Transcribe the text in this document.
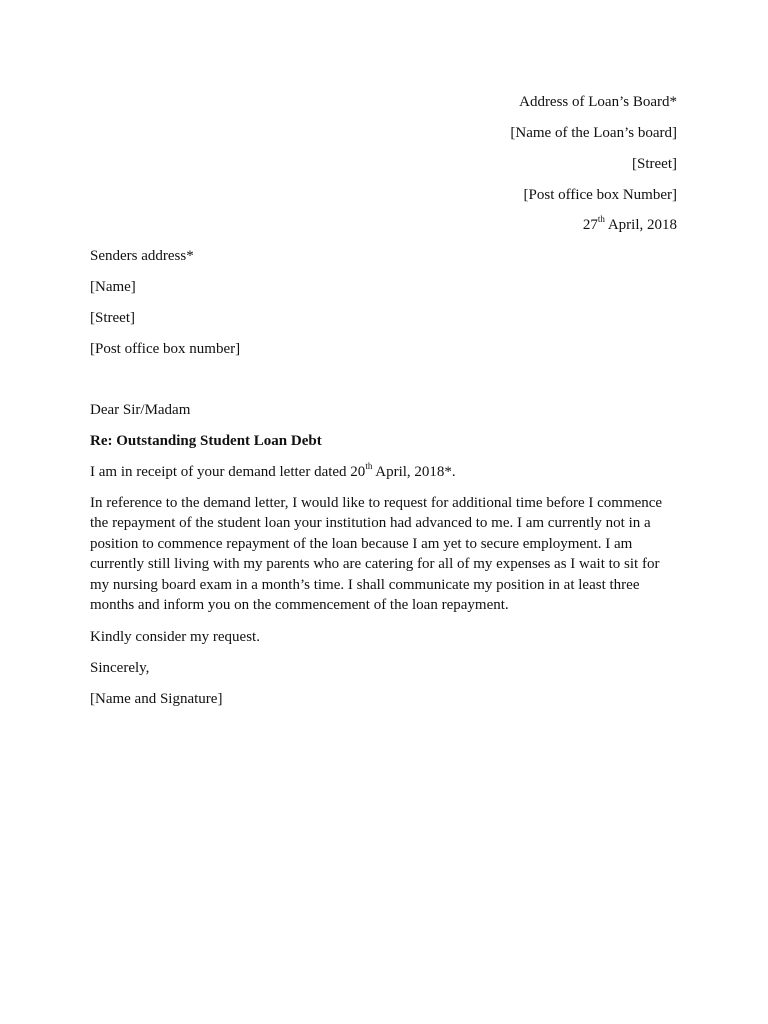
Address of Loan’s Board*
[Name of the Loan’s board]
[Street]
[Post office box Number]
27th April, 2018
Senders address*
[Name]
[Street]
[Post office box number]
Dear Sir/Madam
Re: Outstanding Student Loan Debt
I am in receipt of your demand letter dated 20th April, 2018*.
In reference to the demand letter, I would like to request for additional time before I commence
the repayment of the student loan your institution had advanced to me. I am currently not in a
position to commence repayment of the loan because I am yet to secure employment. I am
currently still living with my parents who are catering for all of my expenses as I wait to sit for
my nursing board exam in a month’s time. I shall communicate my position in at least three
months and inform you on the commencement of the loan repayment.
Kindly consider my request.
Sincerely,
[Name and Signature]
